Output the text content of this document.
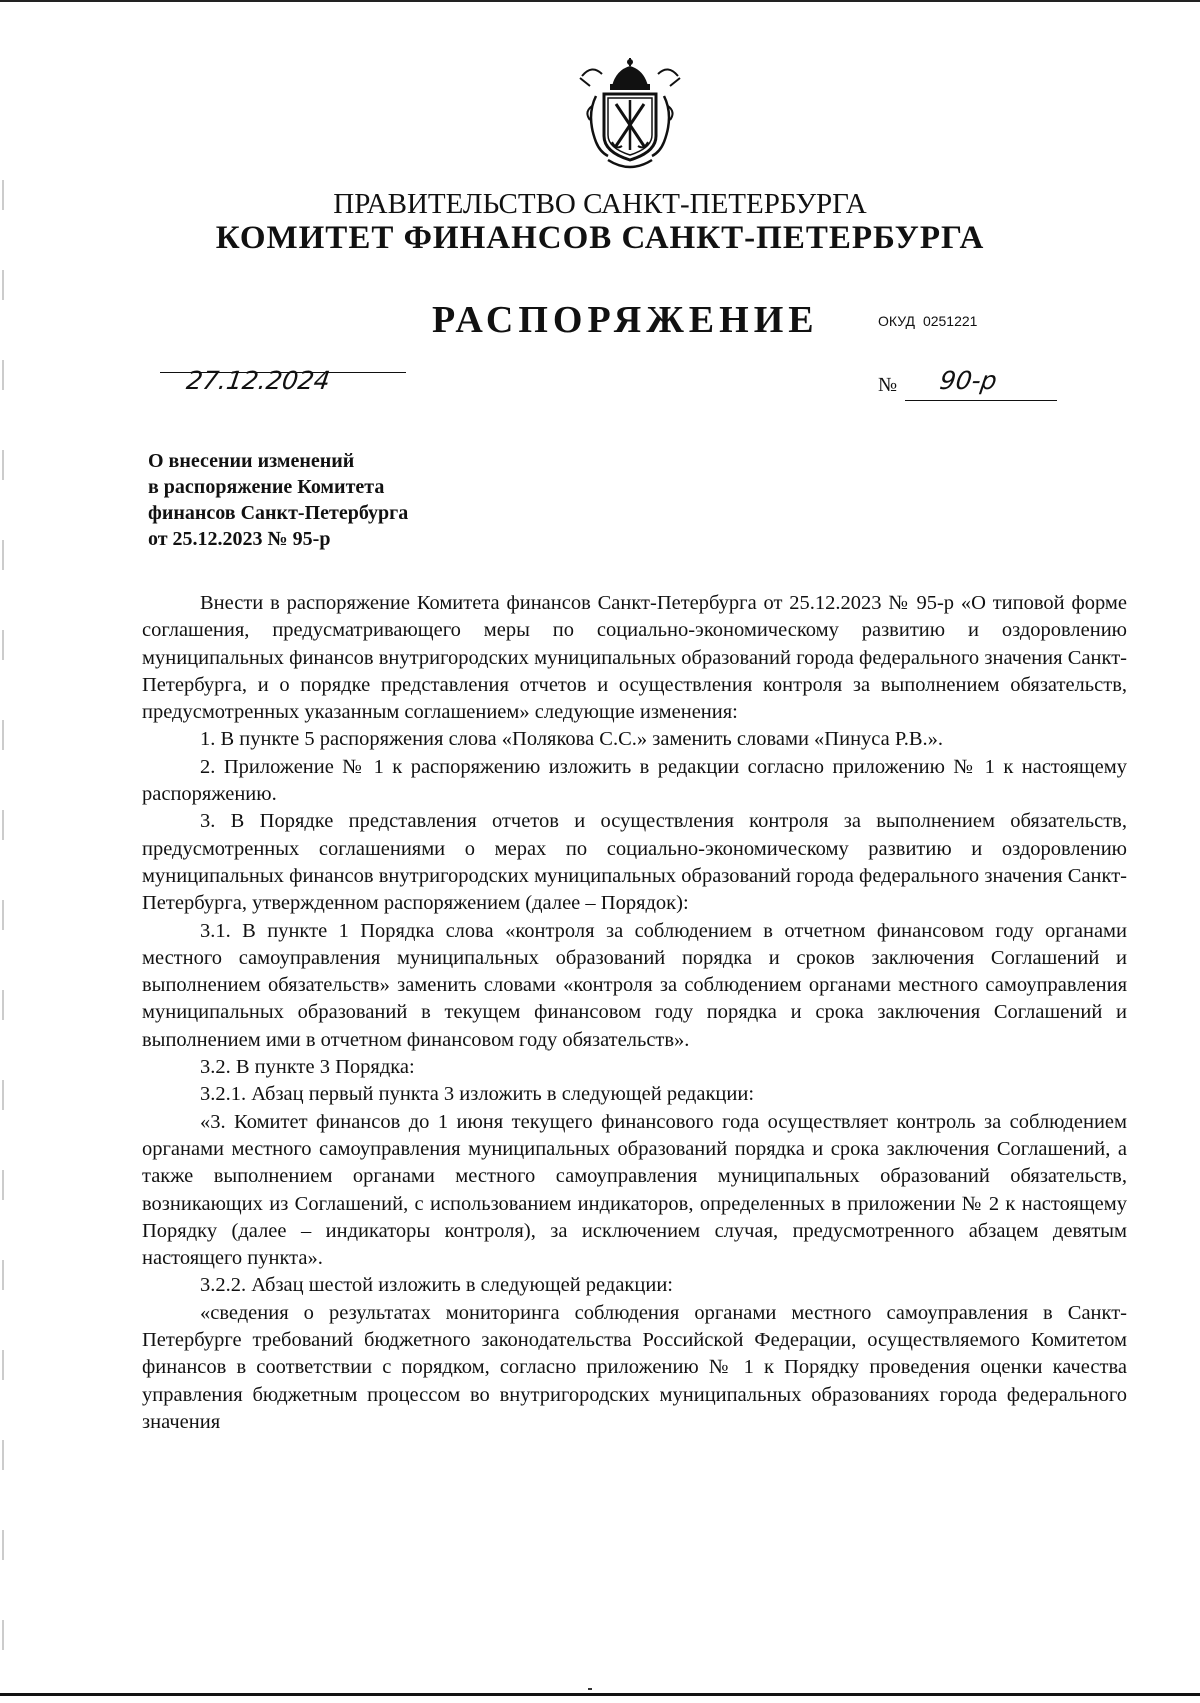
ПРАВИТЕЛЬСТВО САНКТ-ПЕТЕРБУРГА
КОМИТЕТ ФИНАНСОВ САНКТ-ПЕТЕРБУРГА
РАСПОРЯЖЕНИЕ	ОКУД 0251221
27.12.2024	№ 90-р
О внесении изменений
в распоряжение Комитета
финансов Санкт-Петербурга
от 25.12.2023 № 95-р

Внести в распоряжение Комитета финансов Санкт-Петербурга от 25.12.2023 № 95-р «О типовой форме соглашения, предусматривающего меры по социально-экономическому развитию и оздоровлению муниципальных финансов внутригородских муниципальных образований города федерального значения Санкт-Петербурга, и о порядке представления отчетов и осуществления контроля за выполнением обязательств, предусмотренных указанным соглашением» следующие изменения:

1. В пункте 5 распоряжения слова «Полякова С.С.» заменить словами «Пинуса Р.В.».

2. Приложение № 1 к распоряжению изложить в редакции согласно приложению № 1 к настоящему распоряжению.

3. В Порядке представления отчетов и осуществления контроля за выполнением обязательств, предусмотренных соглашениями о мерах по социально-экономическому развитию и оздоровлению муниципальных финансов внутригородских муниципальных образований города федерального значения Санкт-Петербурга, утвержденном распоряжением (далее – Порядок):

3.1. В пункте 1 Порядка слова «контроля за соблюдением в отчетном финансовом году органами местного самоуправления муниципальных образований порядка и сроков заключения Соглашений и выполнением обязательств» заменить словами «контроля за соблюдением органами местного самоуправления муниципальных образований в текущем финансовом году порядка и срока заключения Соглашений и выполнением ими в отчетном финансовом году обязательств».

3.2. В пункте 3 Порядка:

3.2.1. Абзац первый пункта 3 изложить в следующей редакции:

«3. Комитет финансов до 1 июня текущего финансового года осуществляет контроль за соблюдением органами местного самоуправления муниципальных образований порядка и срока заключения Соглашений, а также выполнением органами местного самоуправления муниципальных образований обязательств, возникающих из Соглашений, с использованием индикаторов, определенных в приложении № 2 к настоящему Порядку (далее – индикаторы контроля), за исключением случая, предусмотренного абзацем девятым настоящего пункта».

3.2.2. Абзац шестой изложить в следующей редакции:

«сведения о результатах мониторинга соблюдения органами местного самоуправления в Санкт-Петербурге требований бюджетного законодательства Российской Федерации, осуществляемого Комитетом финансов в соответствии с порядком, согласно приложению № 1 к Порядку проведения оценки качества управления бюджетным процессом во внутригородских муниципальных образованиях города федерального значения
